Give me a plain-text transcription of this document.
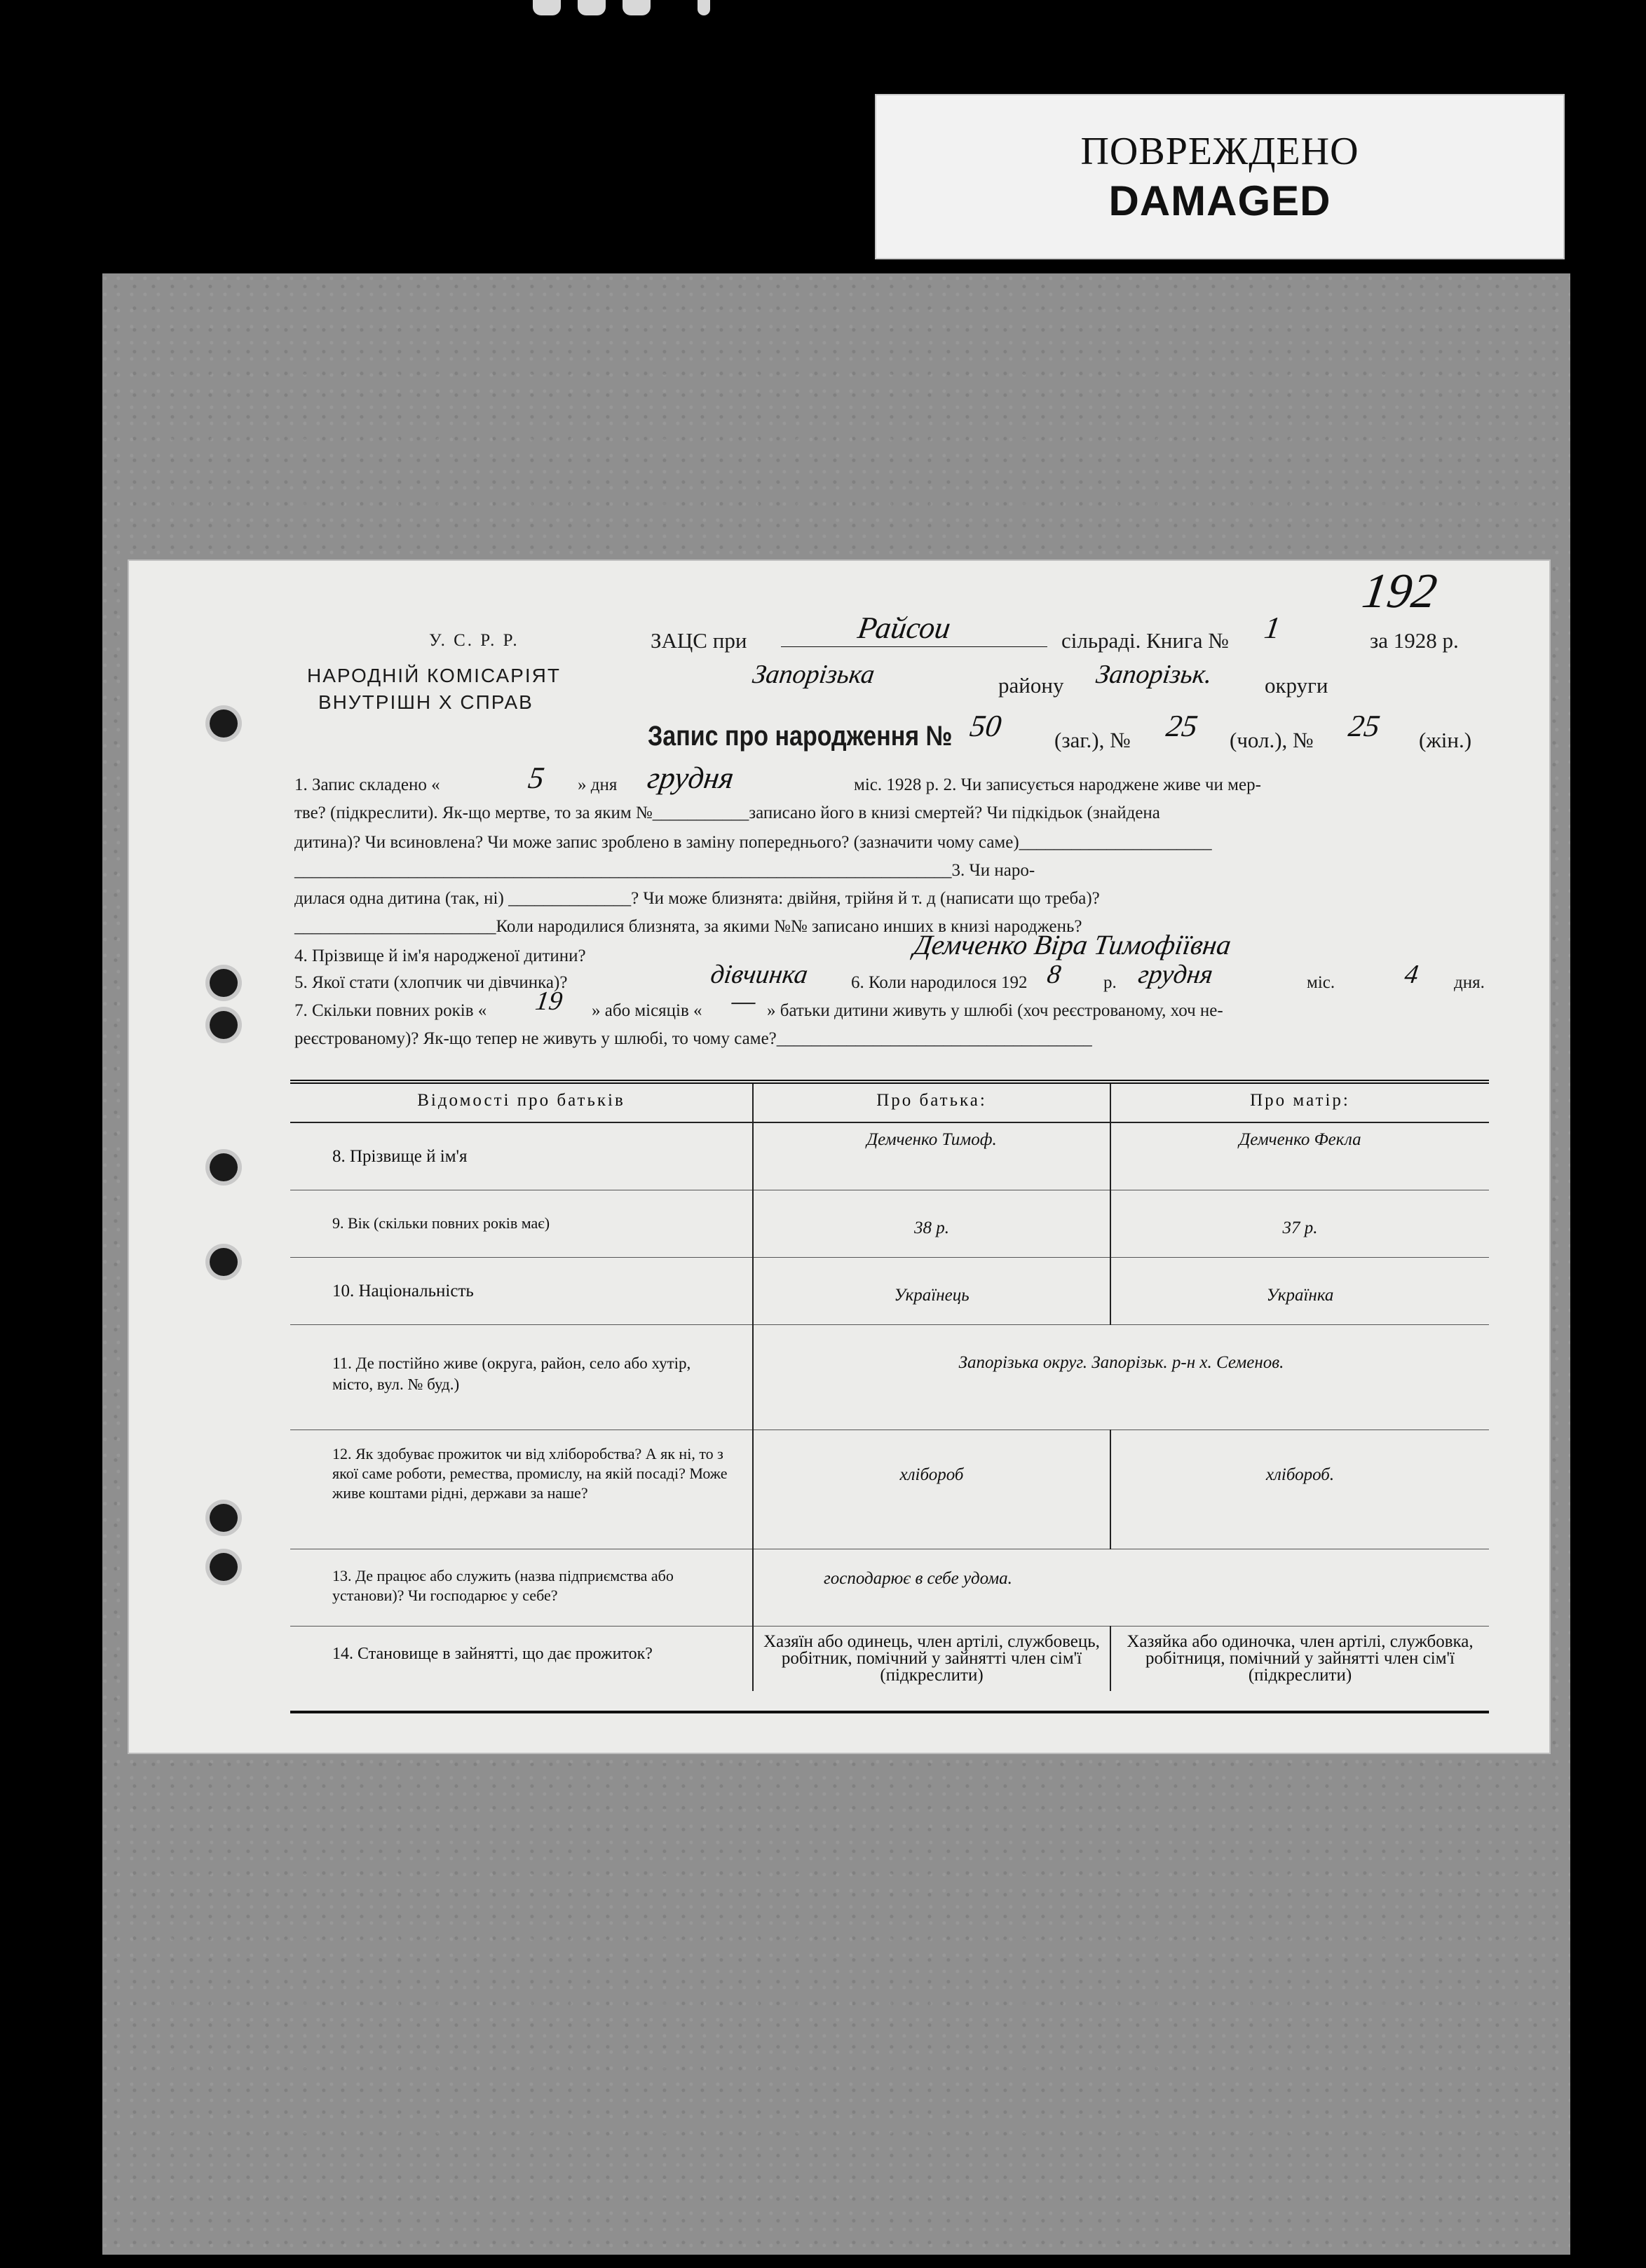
ПОВРЕЖДЕНО
DAMAGED
192
У. С. Р. Р.
НАРОДНІЙ КОМІСАРІЯТ
ВНУТРІШН Х СПРАВ
ЗАЦС при	Райсои	сільраді. Книга № 1	за 1928 р.
Запорізька	району Запорізьк. округи
Запис про народження № 50 (заг.), № 25 (чол.), № 25 (жін.)
1. Запис складено «	5 » дня грудня	міс. 1928 р. 2. Чи записується народжене живе чи мер-
тве? (підкреслити). Як-що мертве, то за яким №___________записано його в книзі смертей? Чи підкідьок (знайдена
дитина)? Чи всиновлена? Чи може запис зроблено в заміну попереднього? (зазначити чому саме)______________________
___________________________________________________________________________3. Чи наро-
дилася одна дитина (так, ні) ______________? Чи може близнята: двійня, трійня й т. д (написати що треба)?
_______________________Коли народилися близнята, за якими №№ записано инших в книзі народжень?
4. Прізвище й ім'я народженої дитини?	Демченко Віра Тимофіївна
5. Якої стати (хлопчик чи дівчинка)?	дівчинка 6. Коли народилося 192 8 р. грудня	міс.	4 дня.
7. Скільки повних років « 19 » або місяців « — » батьки дитини живуть у шлюбі (хоч реєстрованому, хоч не-
реєстрованому)? Як-що тепер не живуть у шлюбі, то чому саме?____________________________________
Відомості про батьків	Про батька:	Про матір:
8. Прізвище й ім'я	Демченко Тимоф.	Демченко Фекла
9. Вік (скільки повних років має)	38 р.	37 р.
10. Національність	Українець	Українка
11. Де постійно живе (округа, район, село або хутір, місто, вул. № буд.)	Запорізька округ. Запорізьк. р-н х. Семенов.	
12. Як здобуває прожиток чи від хліборобства? А як ні, то з якої саме роботи, ремества, промислу, на якій посаді? Може живе коштами рідні, держави за наше?	хлібороб	хлібороб.
13. Де працює або служить (назва підприємства або установи)? Чи господарює у себе?	господарює в себе удома.	
14. Становище в зайнятті, що дає прожиток?	Хазяїн або одинець, член артілі, службовець, робітник, помічний у зайнятті член сім'ї (підкреслити)	Хазяйка або одиночка, член артілі, службовка, робітниця, помічний у зайнятті член сім'ї (підкреслити)
